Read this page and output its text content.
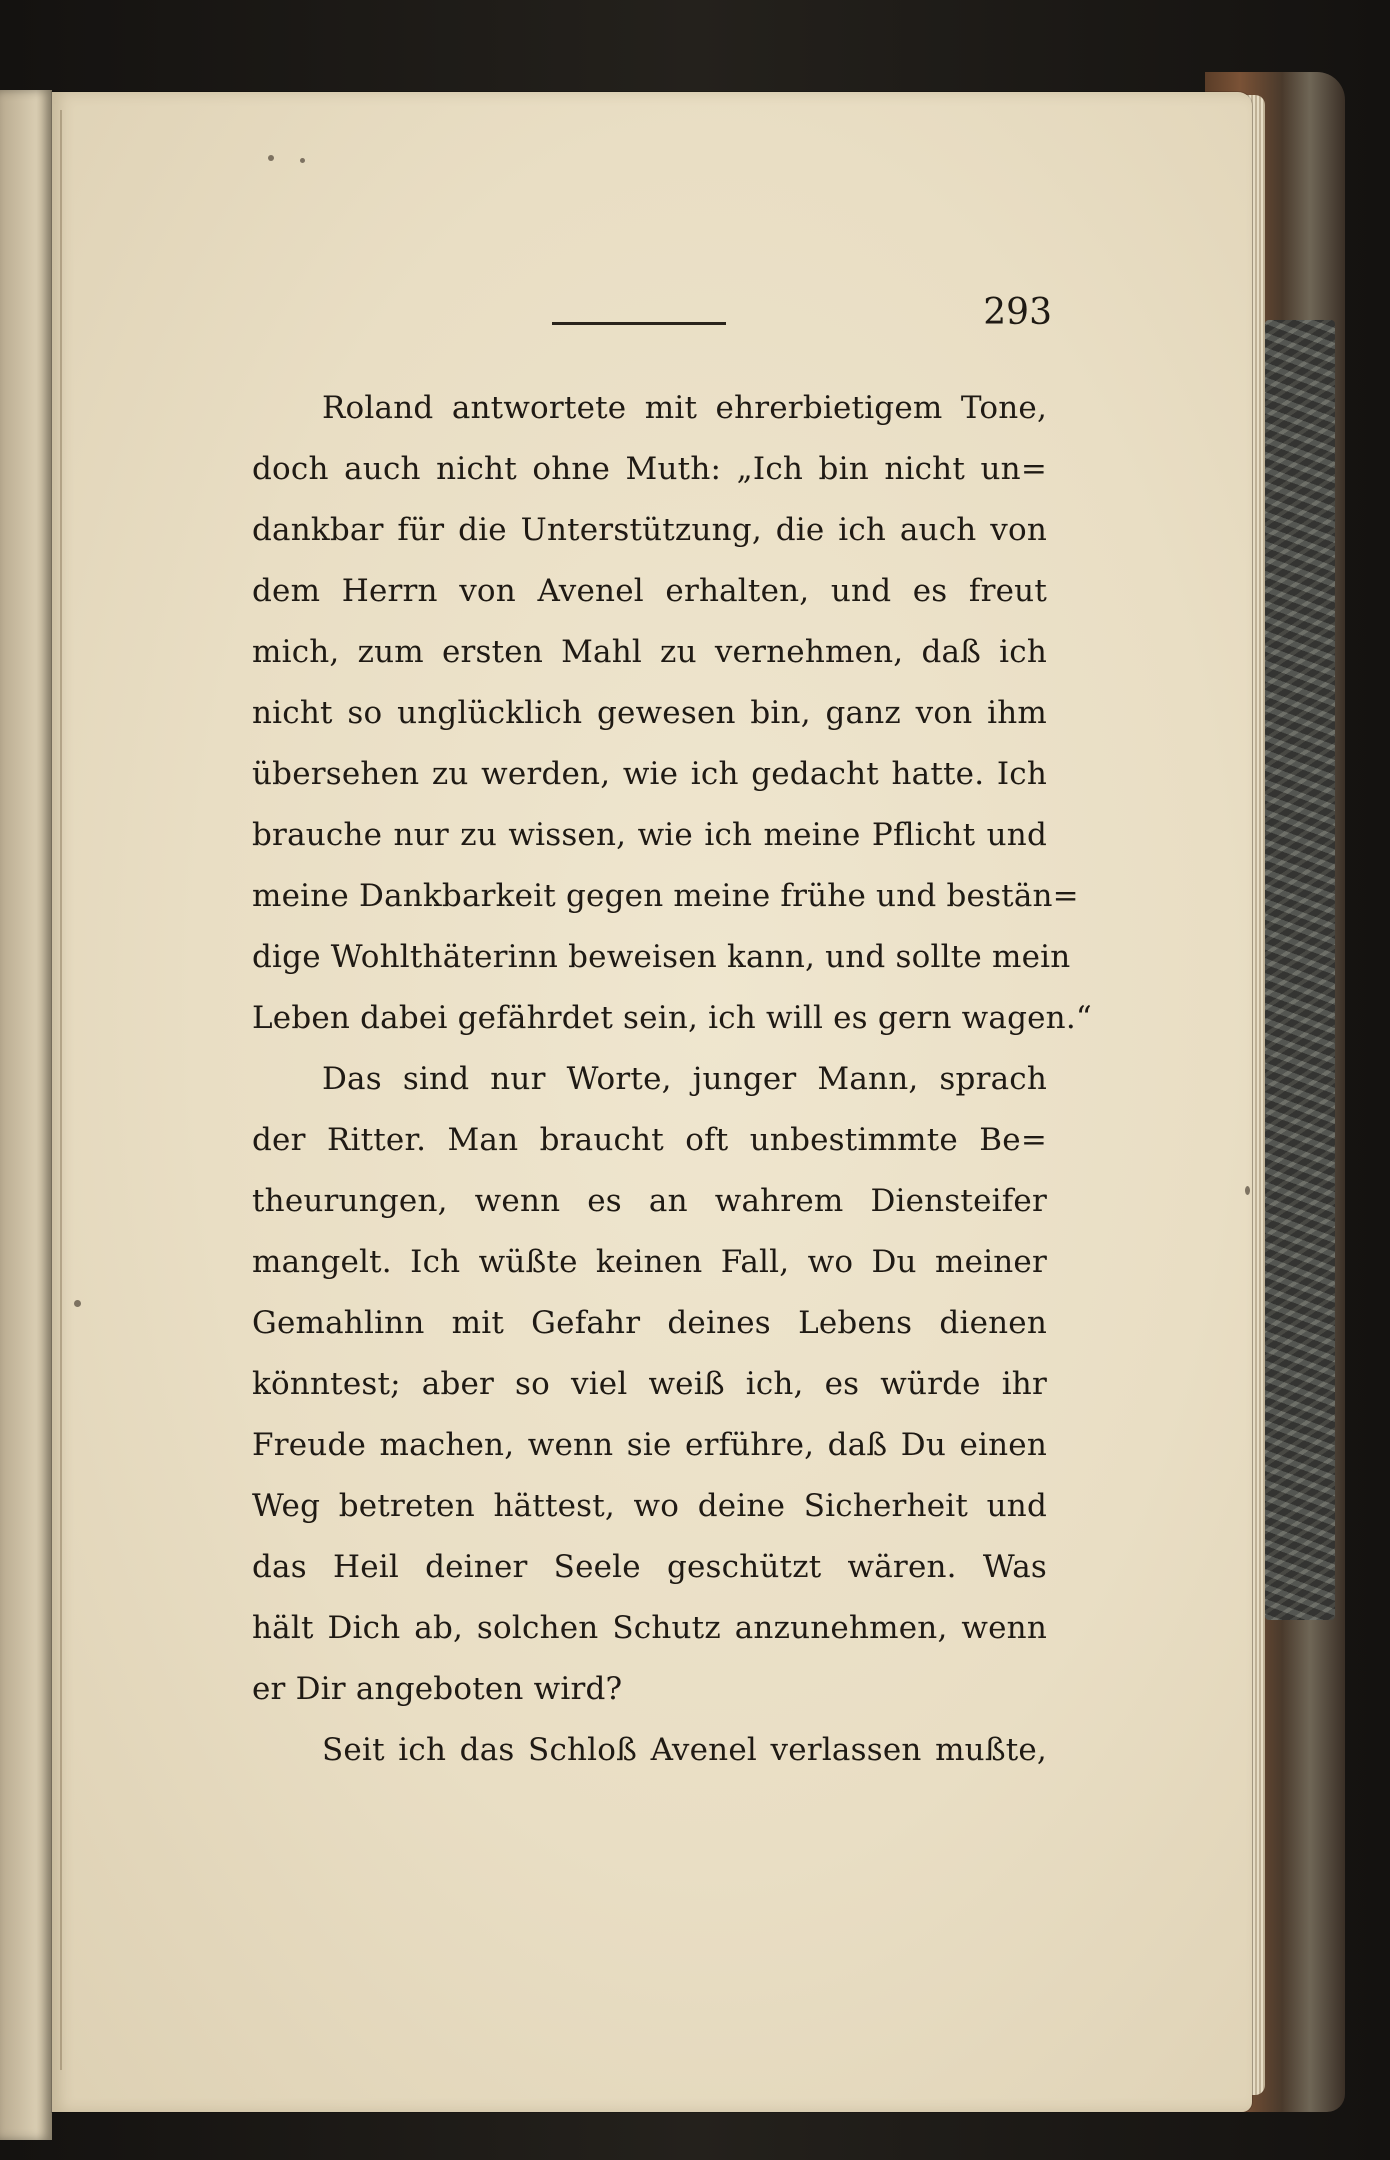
293
Roland antwortete mit ehrerbietigem Tone,
doch auch nicht ohne Muth: „Ich bin nicht un=
dankbar für die Unterstützung, die ich auch von
dem Herrn von Avenel erhalten, und es freut
mich, zum ersten Mahl zu vernehmen, daß ich
nicht so unglücklich gewesen bin, ganz von ihm
übersehen zu werden, wie ich gedacht hatte. Ich
brauche nur zu wissen, wie ich meine Pflicht und
meine Dankbarkeit gegen meine frühe und bestän=
dige Wohlthäterinn beweisen kann, und sollte mein
Leben dabei gefährdet sein, ich will es gern wagen.“
Das sind nur Worte, junger Mann, sprach
der Ritter. Man braucht oft unbestimmte Be=
theurungen, wenn es an wahrem Diensteifer
mangelt. Ich wüßte keinen Fall, wo Du meiner
Gemahlinn mit Gefahr deines Lebens dienen
könntest; aber so viel weiß ich, es würde ihr
Freude machen, wenn sie erführe, daß Du einen
Weg betreten hättest, wo deine Sicherheit und
das Heil deiner Seele geschützt wären. Was
hält Dich ab, solchen Schutz anzunehmen, wenn
er Dir angeboten wird?
Seit ich das Schloß Avenel verlassen mußte,
